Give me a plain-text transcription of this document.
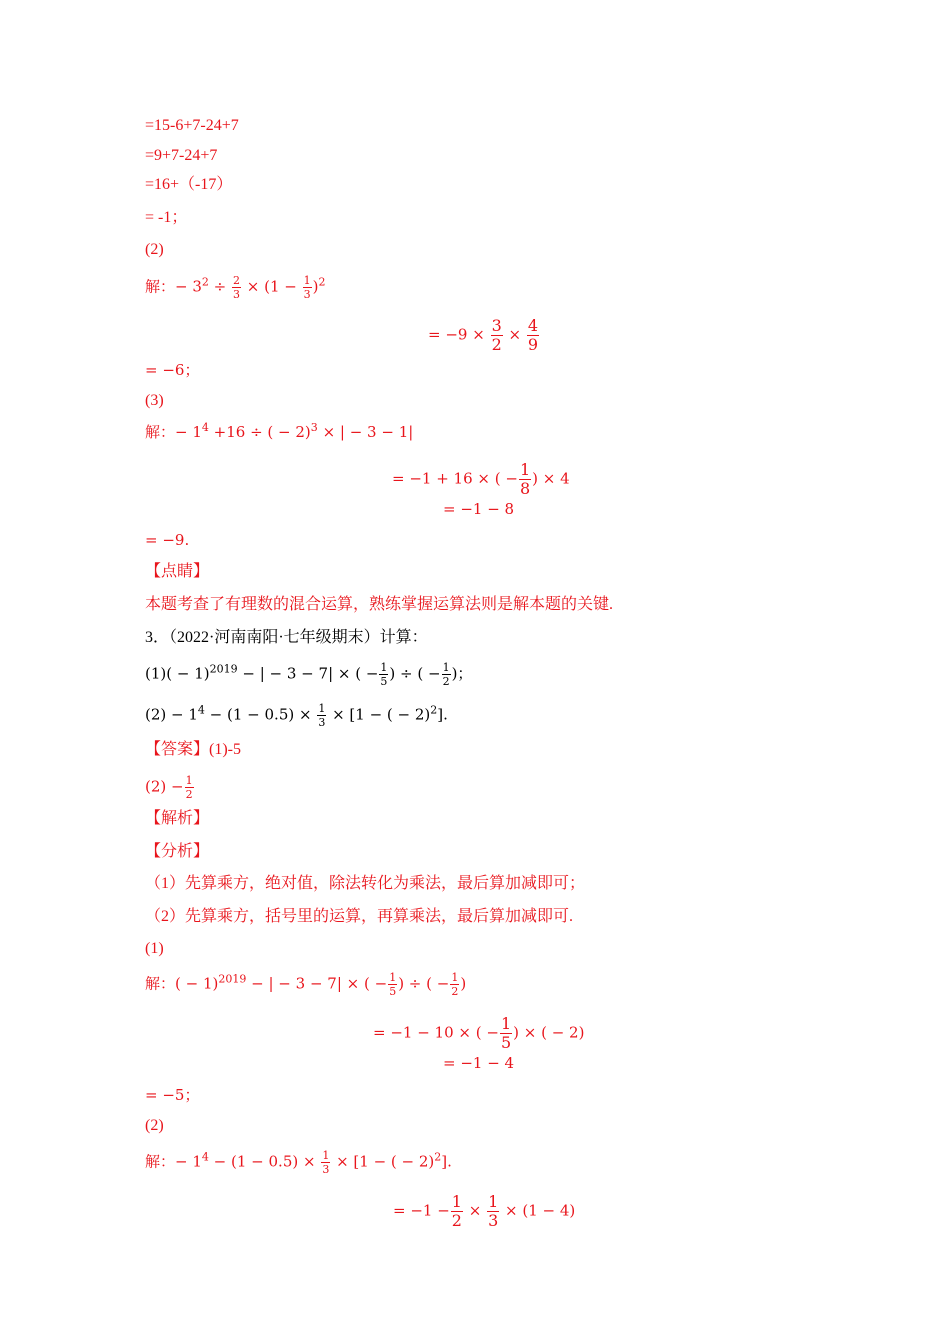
=15-6+7-24+7
=9+7-24+7
=16+（-17）
= -1；
(2)
解：− $3^2 \div \frac{2}{3} \times (1 - \frac{1}{3} )^2$
= $-9 \times \frac{3}{2} \times \frac{4}{9}$
= −6；
(3)
解：− $1^4 +16$ ÷ ( − 2)$^3$ × | − 3 − 1|
= −1 + 16 × ( − $\frac{1}{8}$ ) × 4
= −1 − 8
= −9.
【点睛】
本题考查了有理数的混合运算，熟练掌握运算法则是解本题的关键.
3．（2022·河南南阳·七年级期末）计算：
$(1)( - 1)^{2019}$ − | − 3 − 7| × ( − $\frac{1}{5}$ ) ÷ ( − $\frac{1}{2}$ )；
$(2) - 1^4 - (1 - 0.5) \times \frac{1}{3} \times [1$ − ( − 2)$^2$].
【答案】(1)-5
$(2) - \frac{1}{2}$
【解析】
【分析】
（1）先算乘方，绝对值，除法转化为乘法，最后算加减即可；
（2）先算乘方，括号里的运算，再算乘法，最后算加减即可.
(1)
解：( − 1)$^{2019}$ − | − 3 − 7| × ( − $\frac{1}{5}$ ) ÷ ( − $\frac{1}{2}$ )
= −1 − 10 × ( − $\frac{1}{5}$ ) × ( − 2)
= −1 − 4
= −5；
(2)
解：− $1^4 - (1 - 0.5) \times \frac{1}{3} \times [1$ − ( − 2)$^2$].
= $-1 - \frac{1}{2} \times \frac{1}{3} \times (1 - 4)$
